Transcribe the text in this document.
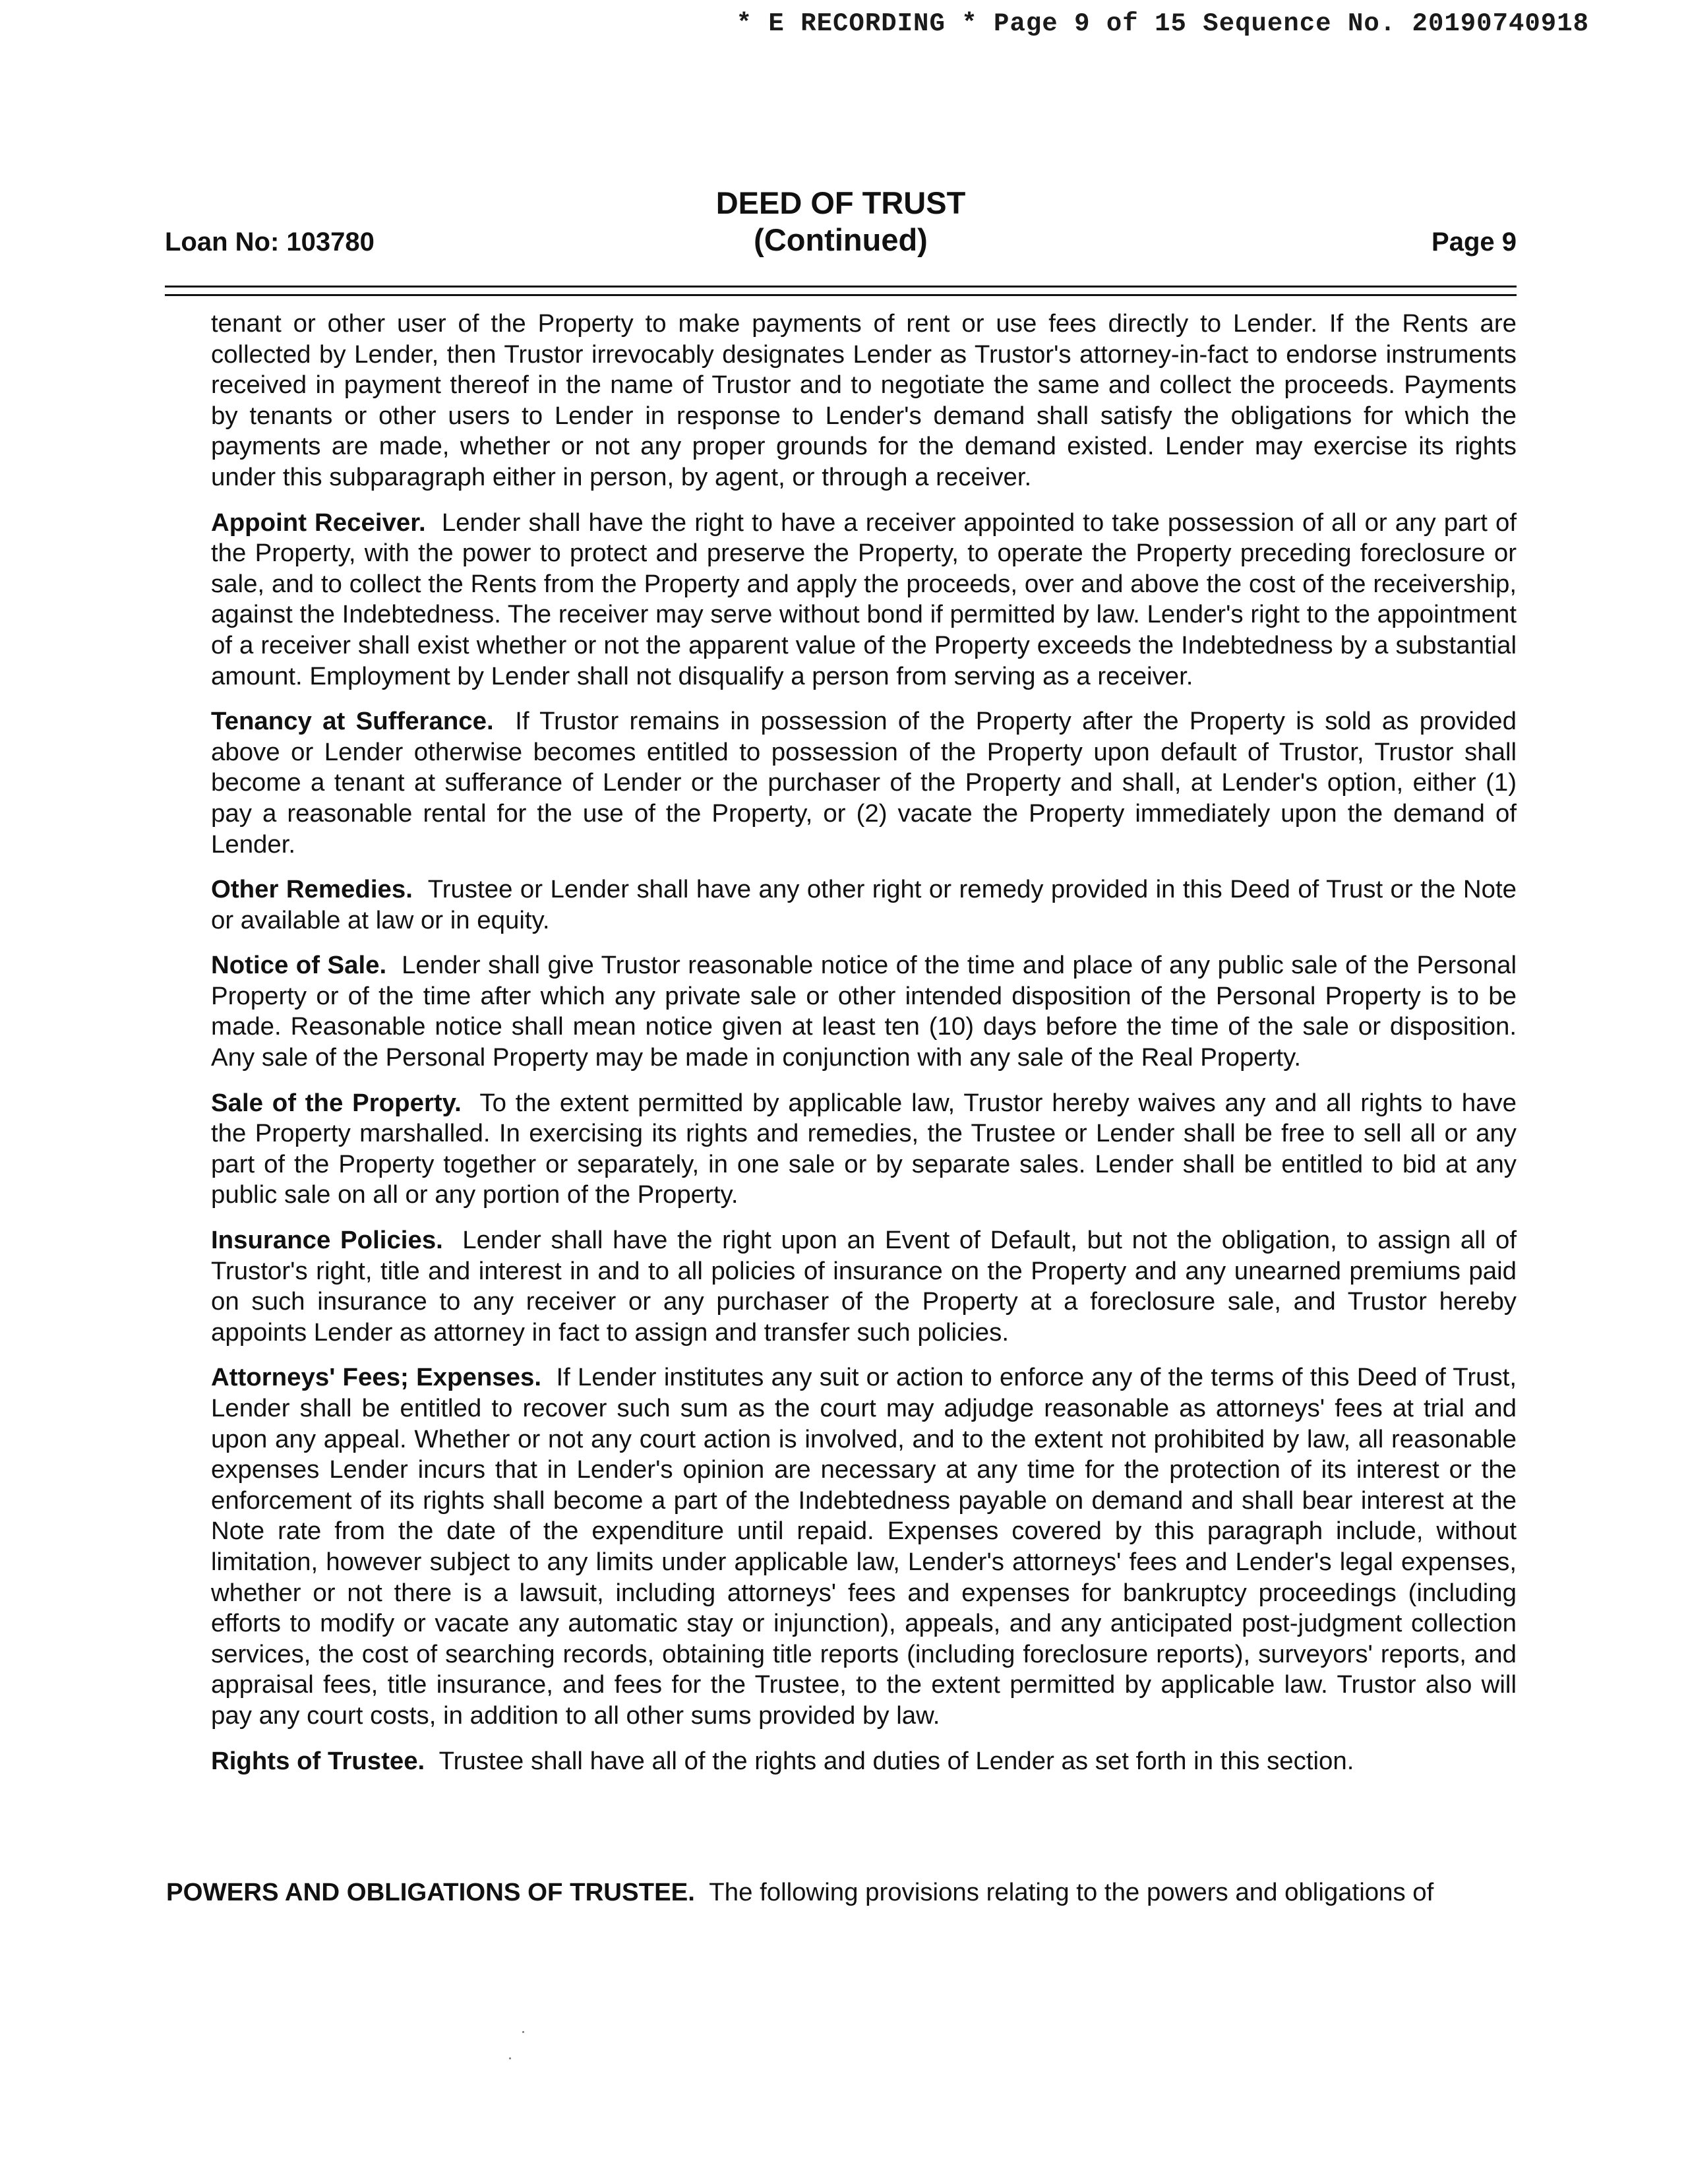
* E RECORDING * Page 9 of 15 Sequence No. 20190740918
Loan No: 103780
DEED OF TRUST
(Continued)	Page 9

tenant or other user of the Property to make payments of rent or use fees directly to Lender. If the Rents are collected by Lender, then Trustor irrevocably designates Lender as Trustor's attorney-in-fact to endorse instruments received in payment thereof in the name of Trustor and to negotiate the same and collect the proceeds. Payments by tenants or other users to Lender in response to Lender's demand shall satisfy the obligations for which the payments are made, whether or not any proper grounds for the demand existed. Lender may exercise its rights under this subparagraph either in person, by agent, or through a receiver.

Appoint Receiver.  Lender shall have the right to have a receiver appointed to take possession of all or any part of the Property, with the power to protect and preserve the Property, to operate the Property preceding foreclosure or sale, and to collect the Rents from the Property and apply the proceeds, over and above the cost of the receivership, against the Indebtedness. The receiver may serve without bond if permitted by law. Lender's right to the appointment of a receiver shall exist whether or not the apparent value of the Property exceeds the Indebtedness by a substantial amount. Employment by Lender shall not disqualify a person from serving as a receiver.

Tenancy at Sufferance.  If Trustor remains in possession of the Property after the Property is sold as provided above or Lender otherwise becomes entitled to possession of the Property upon default of Trustor, Trustor shall become a tenant at sufferance of Lender or the purchaser of the Property and shall, at Lender's option, either (1) pay a reasonable rental for the use of the Property, or (2) vacate the Property immediately upon the demand of Lender.

Other Remedies.  Trustee or Lender shall have any other right or remedy provided in this Deed of Trust or the Note or available at law or in equity.

Notice of Sale.  Lender shall give Trustor reasonable notice of the time and place of any public sale of the Personal Property or of the time after which any private sale or other intended disposition of the Personal Property is to be made. Reasonable notice shall mean notice given at least ten (10) days before the time of the sale or disposition. Any sale of the Personal Property may be made in conjunction with any sale of the Real Property.

Sale of the Property.  To the extent permitted by applicable law, Trustor hereby waives any and all rights to have the Property marshalled. In exercising its rights and remedies, the Trustee or Lender shall be free to sell all or any part of the Property together or separately, in one sale or by separate sales. Lender shall be entitled to bid at any public sale on all or any portion of the Property.

Insurance Policies.  Lender shall have the right upon an Event of Default, but not the obligation, to assign all of Trustor's right, title and interest in and to all policies of insurance on the Property and any unearned premiums paid on such insurance to any receiver or any purchaser of the Property at a foreclosure sale, and Trustor hereby appoints Lender as attorney in fact to assign and transfer such policies.

Attorneys' Fees; Expenses.  If Lender institutes any suit or action to enforce any of the terms of this Deed of Trust, Lender shall be entitled to recover such sum as the court may adjudge reasonable as attorneys' fees at trial and upon any appeal. Whether or not any court action is involved, and to the extent not prohibited by law, all reasonable expenses Lender incurs that in Lender's opinion are necessary at any time for the protection of its interest or the enforcement of its rights shall become a part of the Indebtedness payable on demand and shall bear interest at the Note rate from the date of the expenditure until repaid. Expenses covered by this paragraph include, without limitation, however subject to any limits under applicable law, Lender's attorneys' fees and Lender's legal expenses, whether or not there is a lawsuit, including attorneys' fees and expenses for bankruptcy proceedings (including efforts to modify or vacate any automatic stay or injunction), appeals, and any anticipated post-judgment collection services, the cost of searching records, obtaining title reports (including foreclosure reports), surveyors' reports, and appraisal fees, title insurance, and fees for the Trustee, to the extent permitted by applicable law. Trustor also will pay any court costs, in addition to all other sums provided by law.

Rights of Trustee.  Trustee shall have all of the rights and duties of Lender as set forth in this section.

POWERS AND OBLIGATIONS OF TRUSTEE.  The following provisions relating to the powers and obligations of
